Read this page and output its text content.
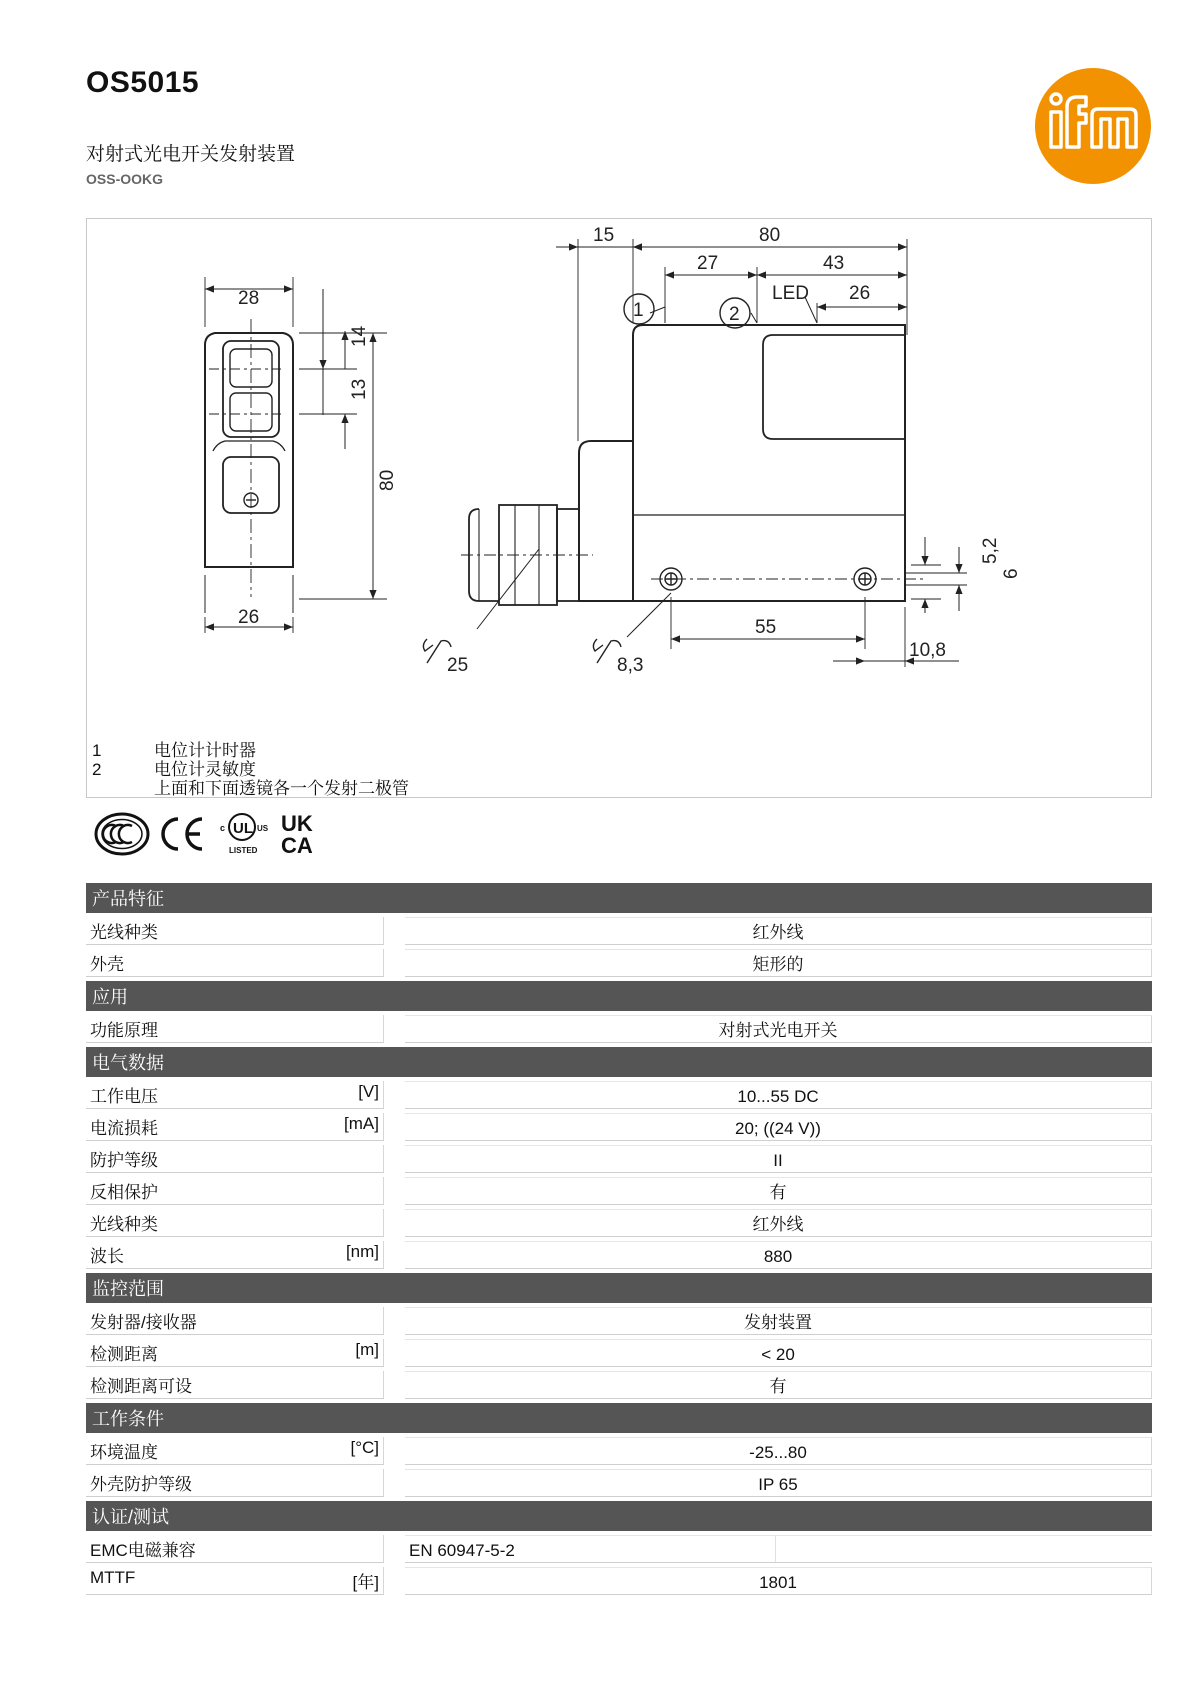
OS5015
对射式光电开关发射装置
OSS-OOKG
28
14
13
80
26
15	80
27	43
LED 26
5,2
6
55
10,8
25	8,3
1	2
1	电位计计时器
2	电位计灵敏度
上面和下面透镜各一个发射二极管
UL
c	US
LISTED
UK
CA
产品特征
光线种类	红外线
外壳	矩形的
应用
功能原理	对射式光电开关
电气数据
工作电压	[V]	10...55 DC
电流损耗	[mA]	20; ((24 V))
防护等级	II
反相保护	有
光线种类	红外线
波长	[nm]	880
监控范围
发射器/接收器	发射装置
检测距离	[m]	< 20
检测距离可设	有
工作条件
环境温度	[°C]	-25...80
外壳防护等级	IP 65
认证/测试
EMC电磁兼容	EN 60947-5-2
MTTF	[年]	1801
